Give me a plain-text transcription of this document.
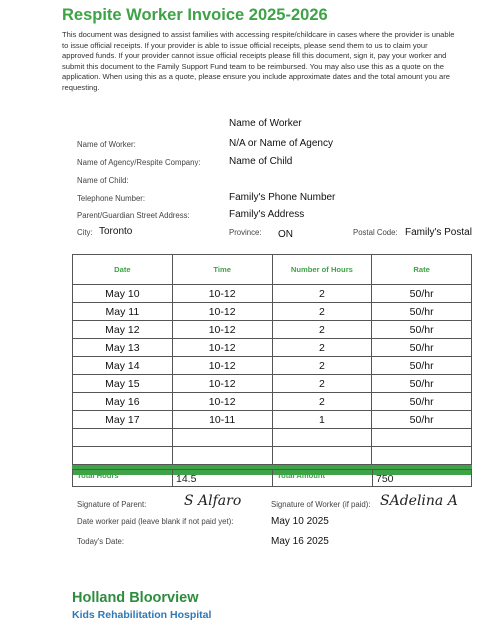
Respite Worker Invoice 2025-2026
This document was designed to assist families with accessing respite/childcare in cases where the provider is unable to issue official receipts. If your provider is able to issue official receipts, please send them to us to claim your approved funds. If your provider cannot issue official receipts please fill this document, sign it, pay your worker and submit this document to the Family Support Fund team to be reimbursed. You may also use this as a quote on the application. When using this as a quote, please ensure you include approximate dates and the total amount you are requesting.
Name of Worker
Name of Worker:	N/A or Name of Agency
Name of Agency/Respite Company:	Name of Child
Name of Child:
Telephone Number:	Family's Phone Number
Parent/Guardian Street Address:	Family's Address
City: Toronto	Province: ON	Postal Code: Family's Postal
Date	Time	Number of Hours	Rate
May 10	10-12	2	50/hr
May 11	10-12	2	50/hr
May 12	10-12	2	50/hr
May 13	10-12	2	50/hr
May 14	10-12	2	50/hr
May 15	10-12	2	50/hr
May 16	10-12	2	50/hr
May 17	10-11	1	50/hr

Total Hours	14.5	Total Amount	750
Signature of Parent:	S Alfaro	Signature of Worker (if paid): SAdelina A
Date worker paid (leave blank if not paid yet):	May 10 2025
Today's Date:	May 16 2025
Holland Bloorview
Kids Rehabilitation Hospital
